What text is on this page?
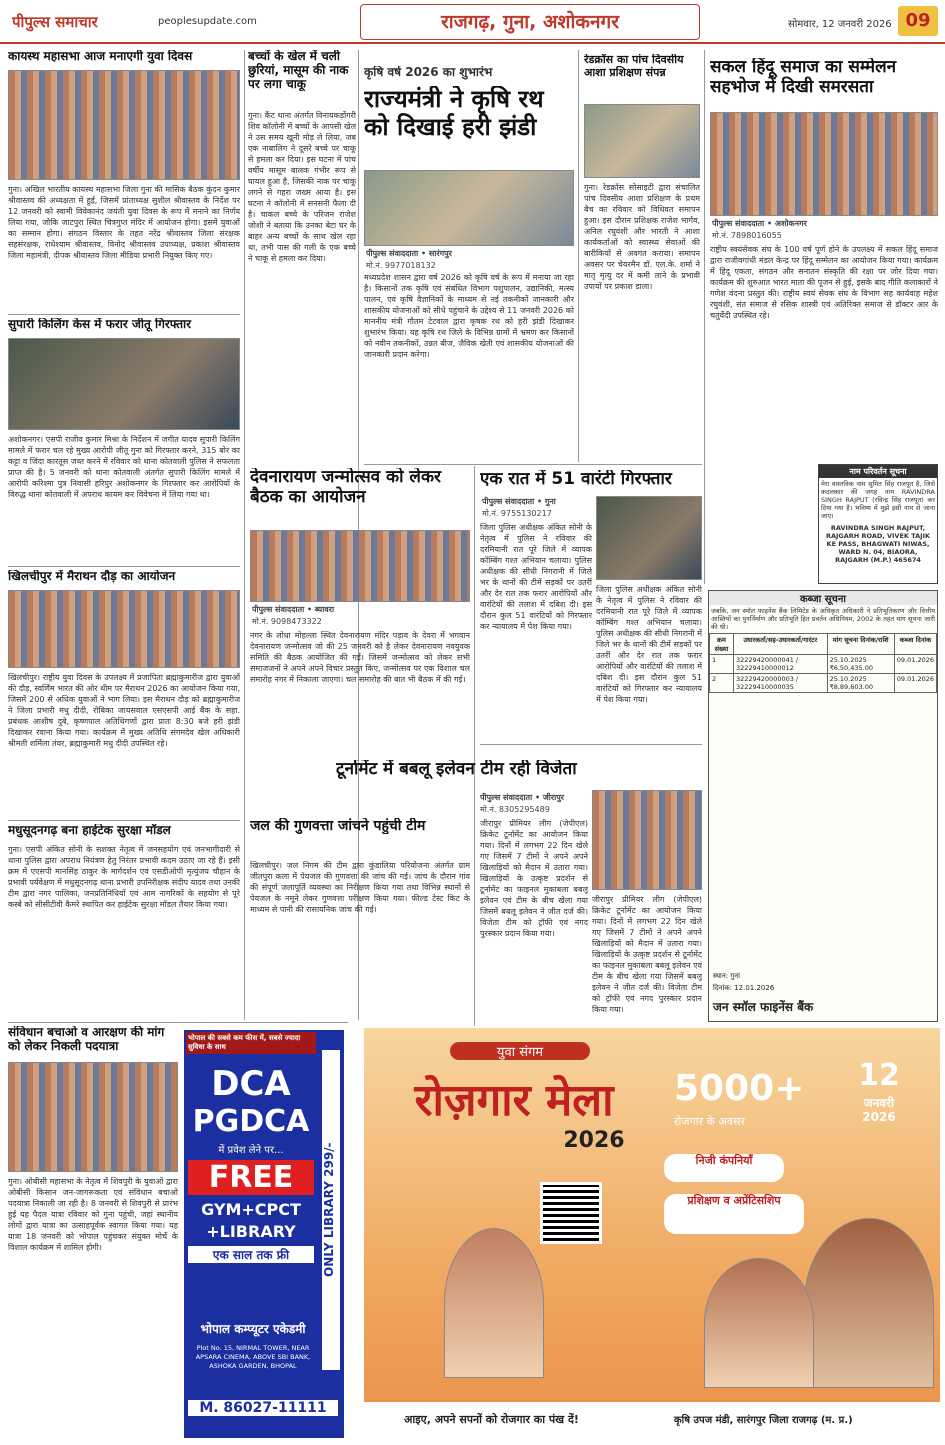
पीपुल्स समाचार	peoplesupdate.com	राजगढ़, गुना, अशोकनगर	सोमवार, 12 जनवरी 2026 09
कायस्थ महासभा आज मनाएगी युवा दिवस
गुना। अखिल भारतीय कायस्थ महासभा जिला गुना की मासिक बैठक कुंदन कुमार श्रीवास्तव की अध्यक्षता में हुई, जिसमें प्रांताध्यक्ष सुशील श्रीवास्तव के निर्देश पर 12 जनवरी को स्वामी विवेकानंद जयंती युवा दिवस के रूप में मनाने का निर्णय लिया गया, जोकि जाटपुरा स्थित चित्रगुप्त मंदिर में आयोजन होगा। इसमें युवाओं का सम्मान होगा। संगठन विस्तार के तहत नरेंद्र श्रीवास्तव जिला संरक्षक सहसंरक्षक, राधेश्याम श्रीवास्तव, विनोद श्रीवास्तव उपाध्यक्ष, प्रकाश श्रीवास्तव जिला महामंत्री, दीपक श्रीवास्तव जिला मीडिया प्रभारी नियुक्त किए गए।
सुपारी किलिंग केस में फरार जीतू गिरफ्तार
अशोकनगर। एसपी राजीव कुमार मिश्रा के निर्देशन में जगीत यादव सुपारी किलिंग मामले में फरार चल रहे मुख्य आरोपी जीतू गुना को गिरफ्तार करने, 315 बोर का कट्टा व जिंदा कारतूस जब्त करने में रविवार को थाना कोतवाली पुलिस ने सफलता प्राप्त की है। 5 जनवरी को थाना कोतवाली अंतर्गत सुपारी किलिंग मामले में आरोपी करिश्मा पुत्र निवासी हरिपुर अशोकनगर के गिरफ्तार कर आरोपियों के विरुद्ध थाना कोतवाली में अपराध कायम कर विवेचना में लिया गया था।
खिलचीपुर में मैराथन दौड़ का आयोजन
खिलचीपुर। राष्ट्रीय युवा दिवस के उपलक्ष्य में प्रजापिता ब्रह्माकुमारीज द्वारा युवाओं की दौड़, स्वर्णिम भारत की ओर थीम पर मैराथन 2026 का आयोजन किया गया, जिसमें 200 से अधिक युवाओं ने भाग लिया। इस मैराथन दौड़ को ब्रह्माकुमारीज ने जिला प्रभारी मधु दीदी, रोबिका जायसवाल एसएसपी आई बैंक के सहा. प्रबंधक आशीष दुबे, कृष्णपाल अतिथिगणों द्वारा प्रातः 8:30 बजे हरी झंडी दिखाकर रवाना किया गया। कार्यक्रम में मुख्य अतिथि संगमदेव खेल अधिकारी श्रीमती शर्मिला तंवर, ब्रह्माकुमारी मधु दीदी उपस्थित रहे।
मधुसूदनगढ़ बना हाईटेक सुरक्षा मॉडल
गुना। एसपी अंकित सोनी के सशक्त नेतृत्व में जनसहयोग एवं जनभागीदारी से थाना पुलिस द्वारा अपराध नियंत्रण हेतु निरंतर प्रभावी कदम उठाए जा रहे हैं। इसी क्रम में एएसपी मानसिंह ठाकुर के मार्गदर्शन एवं एसडीओपी मृत्युंजय चौहान के प्रभावी पर्यवेक्षण में मधुसूदनगढ़ थाना प्रभारी उपनिरीक्षक संदीप यादव तथा उनकी टीम द्वारा नगर पालिका, जनप्रतिनिधियों एवं आम नागरिकों के सहयोग से पूरे कस्बे को सीसीटीवी कैमरे स्थापित कर हाईटेक सुरक्षा मॉडल तैयार किया गया।
संविधान बचाओ व आरक्षण की मांग को लेकर निकली पदयात्रा
गुना। ओबीसी महासभा के नेतृत्व में शिवपुरी के युवाओं द्वारा ओबीसी किसान जन-जागरूकता एवं संविधान बचाओ पदयात्रा निकाली जा रही है। 8 जनवरी से शिवपुरी से प्रारंभ हुई यह पैदल यात्रा रविवार को गुना पहुंची, जहां स्थानीय लोगों द्वारा यात्रा का उत्साहपूर्वक स्वागत किया गया। यह यात्रा 18 जनवरी को भोपाल पहुंचकर संयुक्त मोर्चे के विशाल कार्यक्रम में शामिल होगी।
बच्चों के खेल में चली छुरियां, मासूम की नाक पर लगा चाकू
गुना। कैंट थाना अंतर्गत विनायकड़ोंगरी शिव कॉलोनी में बच्चों के आपसी खेल ने उस समय खूनी मोड़ ले लिया, जब एक नाबालिग ने दूसरे बच्चे पर चाकू से हमला कर दिया। इस घटना में पांच वर्षीय मासूम बालक गंभीर रूप से घायल हुआ है, जिसकी नाक पर चाकू लगने से गहरा जख्म आया है। इस घटना ने कॉलोनी में सनसनी फैला दी है। चाकल बच्चे के परिजन राजेश जोशी ने बताया कि उनका बेटा घर के बाहर अन्य बच्चों के साथ खेल रहा था, तभी पास की गली के एक बच्चे ने चाकू से हमला कर दिया।
भोपाल की सबसे कम फीस में, सबसे ज्यादा सुविधा के साथ
DCA
PGDCA
में प्रवेश लेने पर...
FREE
GYM+CPCT
+LIBRARY
एक साल तक फ्री	ONLY LIBRARY 299/-
भोपाल कम्प्यूटर एकेडमी
Plot No. 15, NIRMAL TOWER, NEAR APSARA CINEMA, ABOVE SBI BANK, ASHOKA GARDEN, BHOPAL
M. 86027-11111
कृषि वर्ष 2026 का शुभारंभ
राज्यमंत्री ने कृषि रथ को दिखाई हरी झंडी
पीपुल्स संवाददाता • सारंगपुर
मो.नं. 9977018132
मध्यप्रदेश शासन द्वारा वर्ष 2026 को कृषि वर्ष के रूप में मनाया जा रहा है। किसानों तक कृषि एवं संबंधित विभाग पशुपालन, उद्यानिकी, मत्स्य पालन, एवं कृषि वैज्ञानिकों के माध्यम से नई तकनीकों जानकारी और शासकीय योजनाओं को सीधे पहुंचाने के उद्देश्य से 11 जनवरी 2026 को माननीय मंत्री गौतम टेटवाल द्वारा कृषक रथ को हरी झंडी दिखाकर शुभारंभ किया। यह कृषि रथ जिले के विभिन्न ग्रामों में भ्रमण कर किसानों को नवीन तकनीकों, उन्नत बीज, जैविक खेती एवं शासकीय योजनाओं की जानकारी प्रदान करेगा।
रेडक्रॉस का पांच दिवसीय आशा प्रशिक्षण संपन्न
गुना। रेडक्रॉस सोसाइटी द्वारा संचालित पांच दिवसीय आशा प्रशिक्षण के प्रथम बैच का रविवार को विधिवत समापन हुआ। इस दौरान प्रशिक्षक राजेश भार्गव, अनिल रघुवंशी और भारती ने आशा कार्यकर्ताओं को स्वास्थ्य सेवाओं की बारीकियों से अवगत कराया। समापन अवसर पर चेयरमैन डॉ. एल.के. शर्मा ने मातृ मृत्यु दर में कमी लाने के प्रभावी उपायों पर प्रकाश डाला।
देवनारायण जन्मोत्सव को लेकर बैठक का आयोजन
पीपुल्स संवाददाता • ब्यावरा
मो.नं. 9098473322
नगर के लोधा मोहल्ला स्थित देवनारायण मंदिर पड़ाव के देवरा में भगवान देवनारायण जन्मोत्सव जो की 25 जनवरी को है लेकर देवनारायण नवयुवक समिति की बैठक आयोजित की गई। जिसमें जन्मोत्सव को लेकर सभी समाजजनों ने अपने अपने विचार प्रस्तुत किए, जन्मोत्सव पर एक विशाल चल समारोह नगर में निकाला जाएगा। चल समारोह की बात भी बैठक में की गई।
जल की गुणवत्ता जांचने पहुंची टीम
खिलचीपुर। जल निगम की टीम द्वारा कुंडालिया परियोजना अंतर्गत ग्राम जीतपुरा कला में पेयजल की गुणवत्ता की जांच की गई। जांच के दौरान गांव की संपूर्ण जलापूर्ति व्यवस्था का निरीक्षण किया गया तथा विभिन्न स्थानों से पेयजल के नमूने लेकर गुणवत्ता परीक्षण किया गया। फील्ड टेस्ट किट के माध्यम से पानी की रासायनिक जांच की गई।
एक रात में 51 वारंटी गिरफ्तार
पीपुल्स संवाददाता • गुना
मो.नं. 9755130217
जिला पुलिस अधीक्षक अंकित सोनी के नेतृत्व में पुलिस ने रविवार की दरमियानी रात पूरे जिले में व्यापक कॉम्बिंग गश्त अभियान चलाया। पुलिस अधीक्षक की सीधी निगरानी में जिले भर के थानों की टीमें सड़कों पर उतरीं और देर रात तक फरार आरोपियों और वारंटियों की तलाश में दबिश दी। इस दौरान कुल 51 वारंटियों को गिरफ्तार कर न्यायालय में पेश किया गया।
जिला पुलिस अधीक्षक अंकित सोनी के नेतृत्व में पुलिस ने रविवार की दरमियानी रात पूरे जिले में व्यापक कॉम्बिंग गश्त अभियान चलाया। पुलिस अधीक्षक की सीधी निगरानी में जिले भर के थानों की टीमें सड़कों पर उतरीं और देर रात तक फरार आरोपियों और वारंटियों की तलाश में दबिश दी। इस दौरान कुल 51 वारंटियों को गिरफ्तार कर न्यायालय में पेश किया गया।
टूर्नामेंट में बबलू इलेवन टीम रही विजेता
पीपुल्स संवाददाता • जीरापुर
मो.नं. 8305295489
जीरापुर प्रीमियर लीग (जेपीएल) क्रिकेट टूर्नामेंट का आयोजन किया गया। दिनों में लगभग 22 दिन खेले गए जिसमें 7 टीमों ने अपने अपने खिलाड़ियों को मैदान में उतारा गया। खिलाड़ियों के उत्कृष्ट प्रदर्शन से टूर्नामेंट का फाइनल मुकाबला बबलू इलेवन एवं टीम के बीच खेला गया जिसमें बबलू इलेवन ने जीत दर्ज की। विजेता टीम को ट्रॉफी एवं नगद पुरस्कार प्रदान किया गया।
जीरापुर प्रीमियर लीग (जेपीएल) क्रिकेट टूर्नामेंट का आयोजन किया गया। दिनों में लगभग 22 दिन खेले गए जिसमें 7 टीमों ने अपने अपने खिलाड़ियों को मैदान में उतारा गया। खिलाड़ियों के उत्कृष्ट प्रदर्शन से टूर्नामेंट का फाइनल मुकाबला बबलू इलेवन एवं टीम के बीच खेला गया जिसमें बबलू इलेवन ने जीत दर्ज की। विजेता टीम को ट्रॉफी एवं नगद पुरस्कार प्रदान किया गया।
सकल हिंदू समाज का सम्मेलन सहभोज में दिखी समरसता
पीपुल्स संवाददाता • अशोकनगर
मो.नं. 7898016055
राष्ट्रीय स्वयंसेवक संघ के 100 वर्ष पूर्ण होने के उपलक्ष्य में सकल हिंदू समाज द्वारा राजीवगांधी मंडल केन्द्र पर हिंदू सम्मेलन का आयोजन किया गया। कार्यक्रम में हिंदू एकता, संगठन और सनातन संस्कृति की रक्षा पर जोर दिया गया। कार्यक्रम की शुरुआत भारत माता की पूजन से हुई, इसके बाद गीति कलाकारों ने गणेश वंदना प्रस्तुत की। राष्ट्रीय स्वयं सेवक संघ के विभाग सह कार्यवाह महेश रघुवंशी, संत समाज से रसिक शास्त्री एवं अतिरिक्त समाज से डॉक्टर आर के चतुर्वेदी उपस्थित रहे।
नाम परिवर्तन सूचना
मेरा वास्तविक नाम सुमित सिंह राजपूत है, जिसे कदलकार की जगह नाम RAVINDRA SINGH RAJPUT (रविन्द्र सिंह राजपूत) कर दिया गया है। भविष्य में मुझे इसी नाम से जाना जाए।
RAVINDRA SINGH RAJPUT, RAJGARH ROAD, VIVEK TAJIK KE PASS, BHAGWATI NIWAS, WARD N. 04, BIAORA, RAJGARH (M.P.) 465674
कब्जा सूचना
जबकि, जन स्मॉल फाइनेंस बैंक लिमिटेड के अधिकृत अधिकारी ने प्रतिभूतिकरण और वित्तीय आस्तियों का पुनर्निर्माण और प्रतिभूति हित प्रवर्तन अधिनियम, 2002 के तहत मांग सूचना जारी की थी।
क्रम संख्या	उधारकर्ता/सह-उधारकर्ता/गारंटर	मांग सूचना दिनांक/राशि	कब्जा दिनांक
1	32229420000041 / 32229410000012	25.10.2025 ₹6,50,435.00	09.01.2026
2	32229420000003 / 32229410000035	25.10.2025 ₹8,89,603.00	09.01.2026
स्थान: गुना
दिनांक: 12.01.2026
जन स्मॉल फाइनेंस बैंक
युवा संगम
रोज़गार मेला
2026
5000+
रोजगार के अवसर
निजी कंपनियाँ
प्रशिक्षण व अप्रेंटिसशिप
12
जनवरी
2026
आइए, अपने सपनों को रोजगार का पंख दें!	कृषि उपज मंडी, सारंगपुर जिला राजगढ़ (म. प्र.)
